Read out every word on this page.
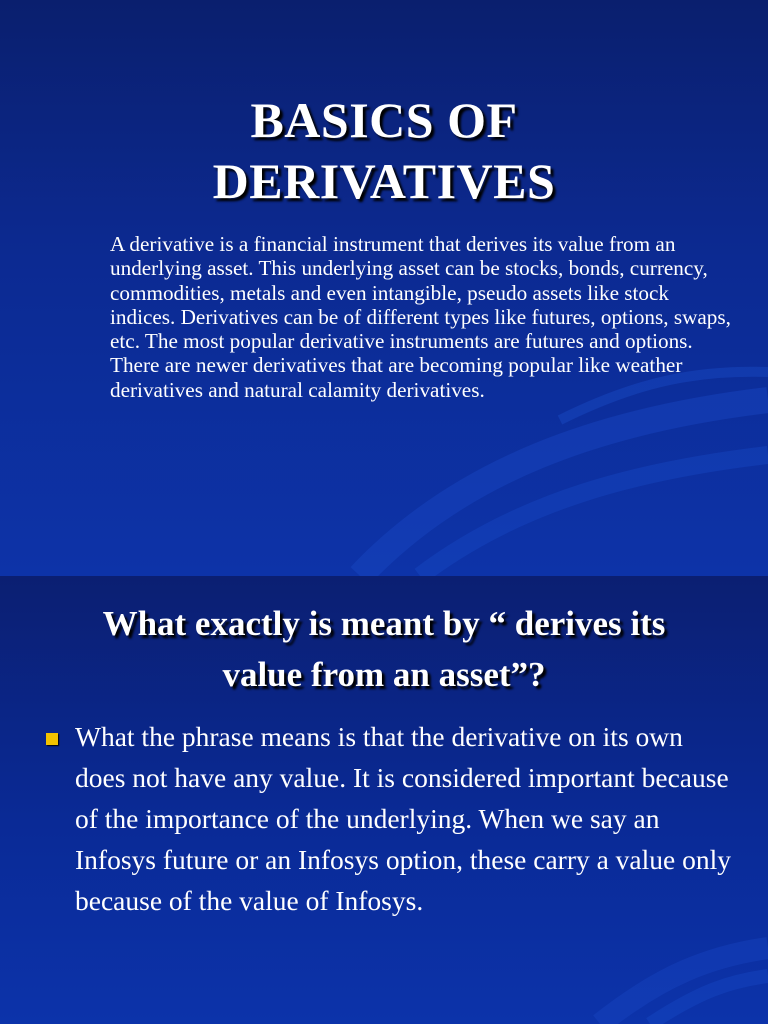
BASICS OF
DERIVATIVES

A derivative is a financial instrument that derives its value from an underlying asset. This underlying asset can be stocks, bonds, currency, commodities, metals and even intangible, pseudo assets like stock indices. Derivatives can be of different types like futures, options, swaps, etc. The most popular derivative instruments are futures and options. There are newer derivatives that are becoming popular like weather derivatives and natural calamity derivatives.

What exactly is meant by “ derives its
value from an asset”?

What the phrase means is that the derivative on its own does not have any value. It is considered important because of the importance of the underlying. When we say an Infosys future or an Infosys option, these carry a value only because of the value of Infosys.
